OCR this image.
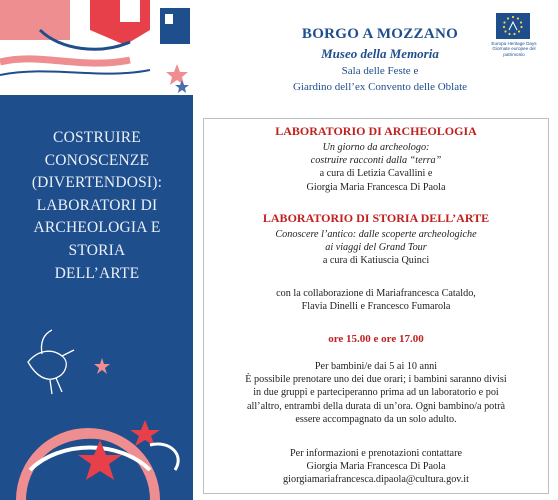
COSTRUIRE
CONOSCENZE
(DIVERTENDOSI):
LABORATORI DI
ARCHEOLOGIA E
STORIA
DELL’ARTE
BORGO A MOZZANO
Museo della Memoria
Sala delle Feste e
Giardino dell’ex Convento delle Oblate
Europa Heritage Days Giornate europee del patrimonio

LABORATORIO DI ARCHEOLOGIA

Un giorno da archeologo:

costruire racconti dalla “terra”

a cura di Letizia Cavallini e

Giorgia Maria Francesca Di Paola

LABORATORIO DI STORIA DELL’ARTE

Conoscere l’antico: dalle scoperte archeologiche

ai viaggi del Grand Tour

a cura di Katiuscia Quinci

con la collaborazione di Mariafrancesca Cataldo,

Flavia Dinelli e Francesco Fumarola

ore 15.00 e ore 17.00

Per bambini/e dai 5 ai 10 anni

È possibile prenotare uno dei due orari; i bambini saranno divisi

in due gruppi e parteciperanno prima ad un laboratorio e poi

all’altro, entrambi della durata di un’ora. Ogni bambino/a potrà

essere accompagnato da un solo adulto.

Per informazioni e prenotazioni contattare

Giorgia Maria Francesca Di Paola

giorgiamariafrancesca.dipaola@cultura.gov.it
